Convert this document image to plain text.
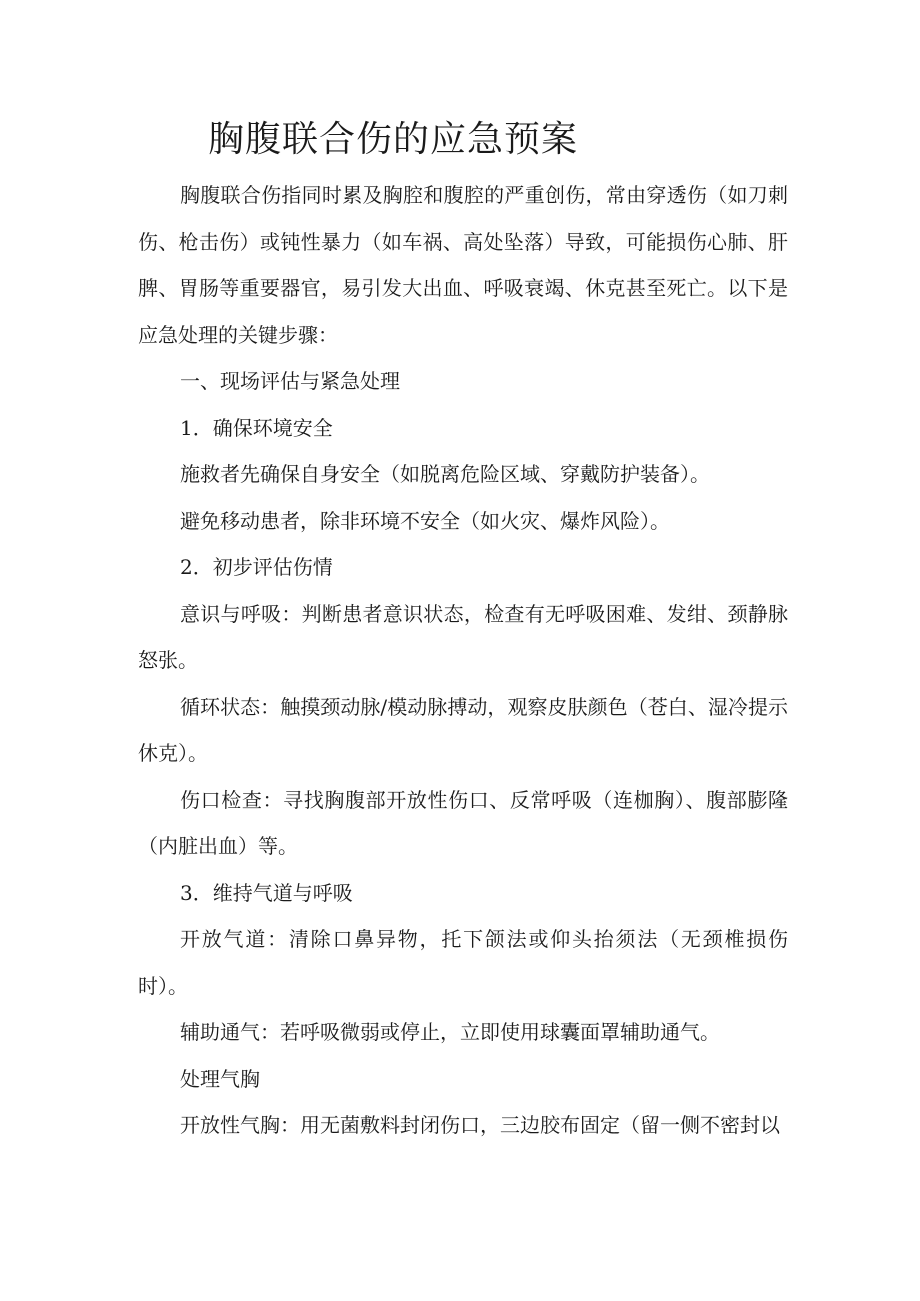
胸腹联合伤的应急预案

胸腹联合伤指同时累及胸腔和腹腔的严重创伤，常由穿透伤（如刀刺伤、枪击伤）或钝性暴力（如车祸、高处坠落）导致，可能损伤心肺、肝脾、胃肠等重要器官，易引发大出血、呼吸衰竭、休克甚至死亡。以下是应急处理的关键步骤：

一、现场评估与紧急处理

1．确保环境安全

施救者先确保自身安全（如脱离危险区域、穿戴防护装备）。

避免移动患者，除非环境不安全（如火灾、爆炸风险）。

2．初步评估伤情

意识与呼吸：判断患者意识状态，检查有无呼吸困难、发绀、颈静脉怒张。

循环状态：触摸颈动脉/模动脉搏动，观察皮肤颜色（苍白、湿冷提示休克）。

伤口检查：寻找胸腹部开放性伤口、反常呼吸（连枷胸）、腹部膨隆（内脏出血）等。

3．维持气道与呼吸

开放气道：清除口鼻异物，托下颌法或仰头抬须法（无颈椎损伤时）。

辅助通气：若呼吸微弱或停止，立即使用球囊面罩辅助通气。

处理气胸

开放性气胸：用无菌敷料封闭伤口，三边胶布固定（留一侧不密封以
